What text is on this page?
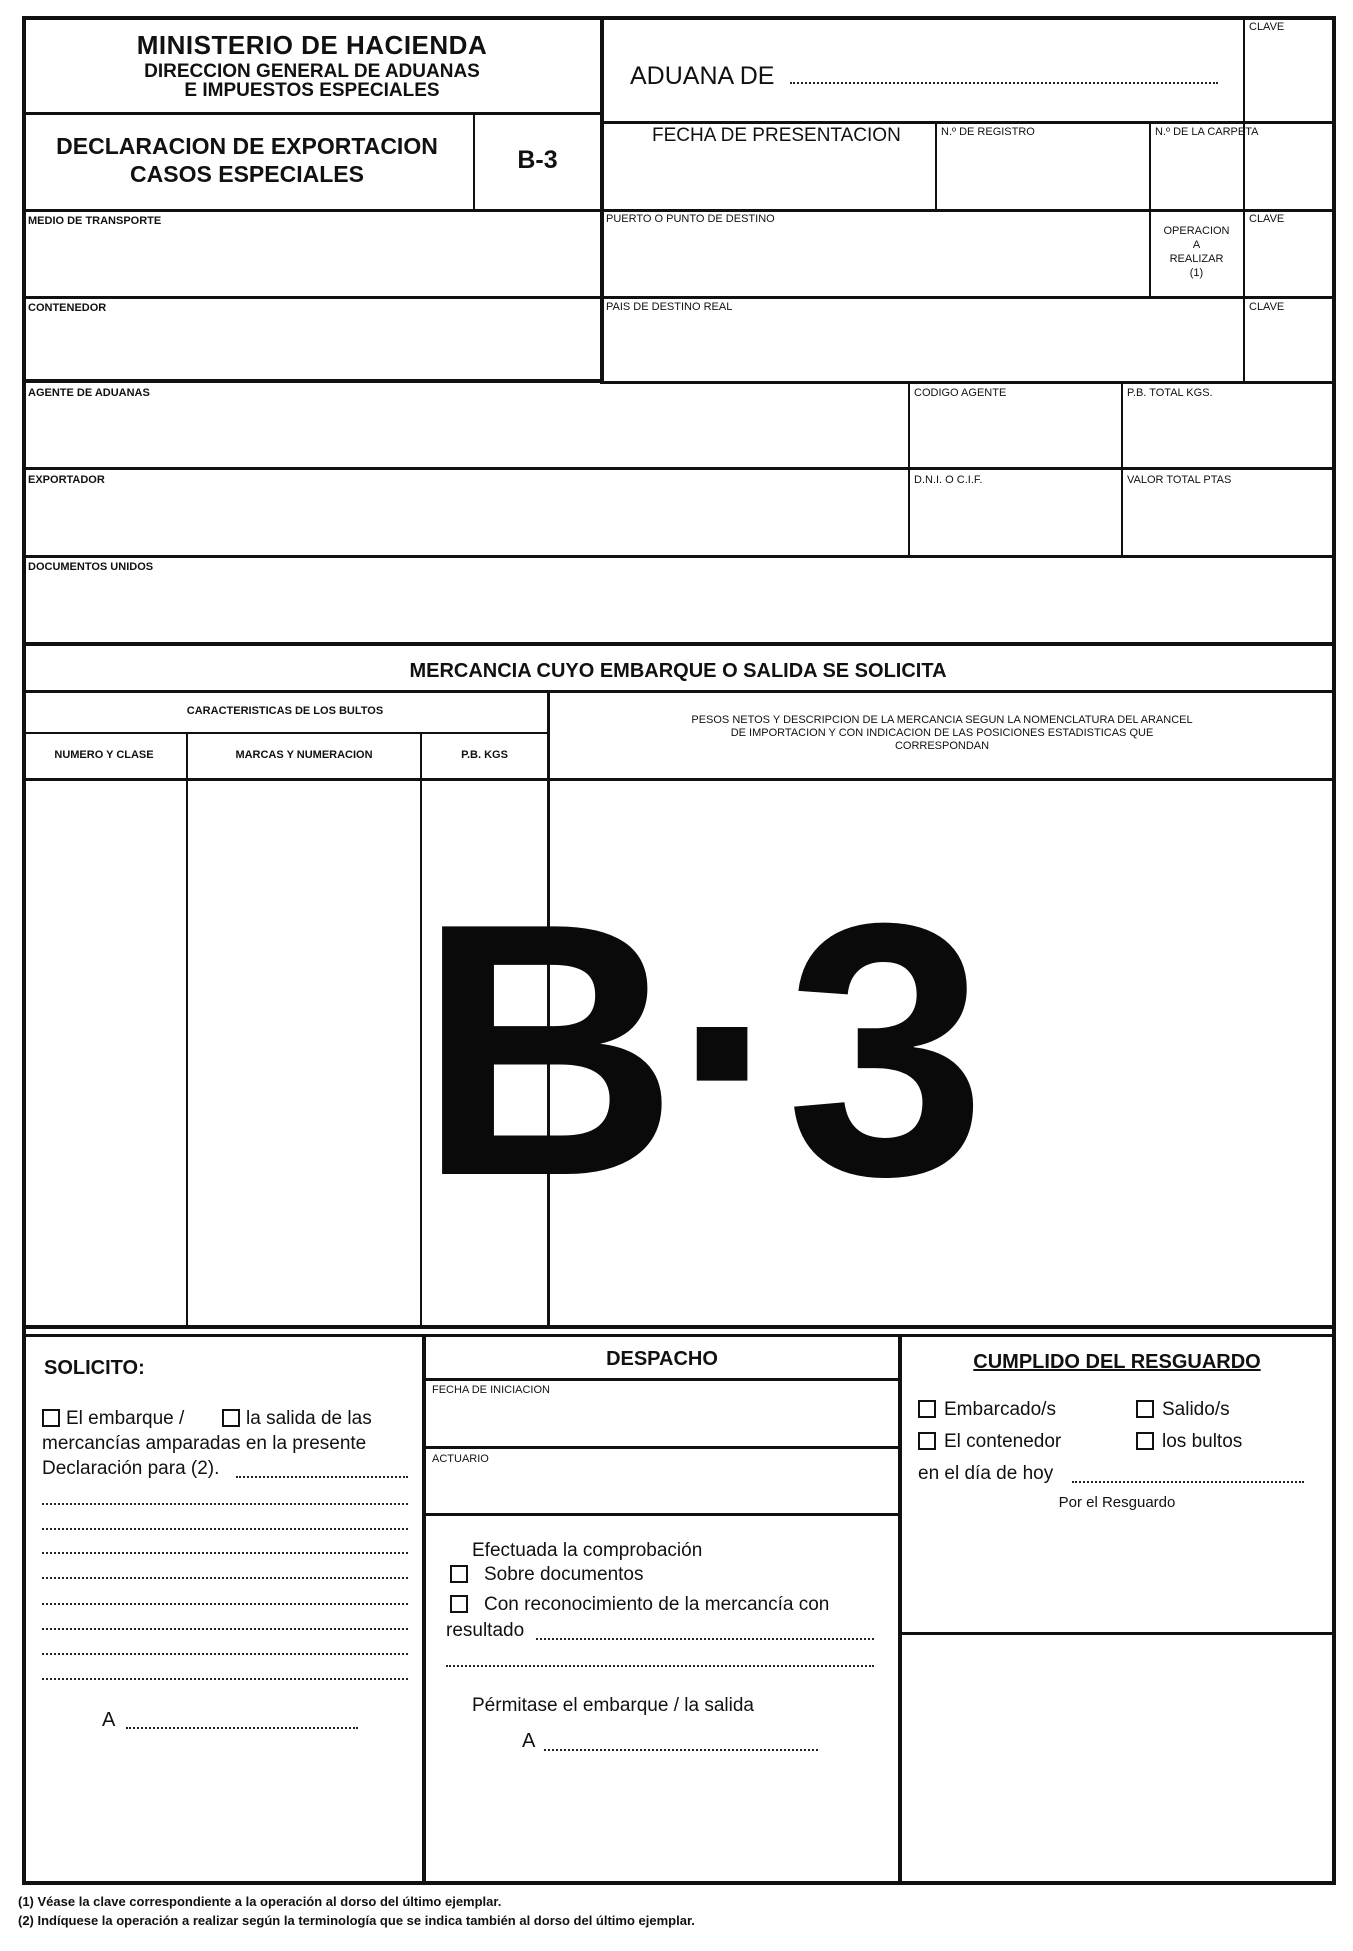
MINISTERIO DE HACIENDA
DIRECCION GENERAL DE ADUANAS
E IMPUESTOS ESPECIALES
ADUANA DE
CLAVE
DECLARACION DE EXPORTACION
CASOS ESPECIALES	B-3
FECHA DE PRESENTACION	N.º DE REGISTRO	N.º DE LA CARPETA
MEDIO DE TRANSPORTE	PUERTO O PUNTO DE DESTINO
OPERACION
A
REALIZAR
(1)
CLAVE
CONTENEDOR	PAIS DE DESTINO REAL	CLAVE
AGENTE DE ADUANAS	CODIGO AGENTE	P.B. TOTAL KGS.
EXPORTADOR	D.N.I. O C.I.F.	VALOR TOTAL PTAS
DOCUMENTOS UNIDOS
MERCANCIA CUYO EMBARQUE O SALIDA SE SOLICITA
CARACTERISTICAS DE LOS BULTOS
NUMERO Y CLASE	MARCAS Y NUMERACION	P.B. KGS
PESOS NETOS Y DESCRIPCION DE LA MERCANCIA SEGUN LA NOMENCLATURA DEL ARANCEL
DE IMPORTACION Y CON INDICACION DE LAS POSICIONES ESTADISTICAS QUE
CORRESPONDAN
B·3
SOLICITO:
El embarque /	la salida de las
mercancías amparadas en la presente
Declaración para (2).
A
DESPACHO
FECHA DE INICIACION
ACTUARIO
Efectuada la comprobación
Sobre documentos
Con reconocimiento de la mercancía con
resultado
Pérmitase el embarque / la salida
A
CUMPLIDO DEL RESGUARDO
Embarcado/s	Salido/s
El contenedor	los bultos
en el día de hoy
Por el Resguardo
(1) Véase la clave correspondiente a la operación al dorso del último ejemplar.
(2) Indíquese la operación a realizar según la terminología que se indica también al dorso del último ejemplar.
